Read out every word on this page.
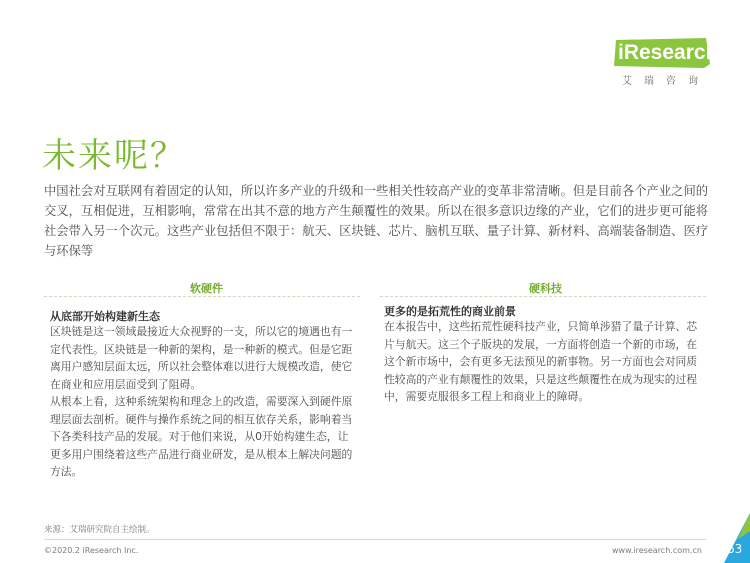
iResearch
艾瑞咨询
未来呢？
中国社会对互联网有着固定的认知，所以许多产业的升级和一些相关性较高产业的变革非常清晰。但是目前各个产业之间的交叉，互相促进，互相影响，常常在出其不意的地方产生颠覆性的效果。所以在很多意识边缘的产业，它们的进步更可能将社会带入另一个次元。这些产业包括但不限于：航天、区块链、芯片、脑机互联、量子计算、新材料、高端装备制造、医疗与环保等
软硬件
从底部开始构建新生态
区块链是这一领域最接近大众视野的一支，所以它的境遇也有一定代表性。区块链是一种新的架构，是一种新的模式。但是它距离用户感知层面太远，所以社会整体难以进行大规模改造，使它在商业和应用层面受到了阻碍。
从根本上看，这种系统架构和理念上的改造，需要深入到硬件原理层面去剖析。硬件与操作系统之间的相互依存关系，影响着当下各类科技产品的发展。对于他们来说，从0开始构建生态，让更多用户围绕着这些产品进行商业研发，是从根本上解决问题的方法。
硬科技
更多的是拓荒性的商业前景
在本报告中，这些拓荒性硬科技产业，只简单涉猎了量子计算、芯片与航天。这三个子版块的发展，一方面将创造一个新的市场，在这个新市场中，会有更多无法预见的新事物。另一方面也会对同质性较高的产业有颠覆性的效果，只是这些颠覆性在成为现实的过程中，需要克服很多工程上和商业上的障碍。
来源：艾瑞研究院自主绘制。
©2020.2 iResearch Inc.	www.iresearch.com.cn 63
